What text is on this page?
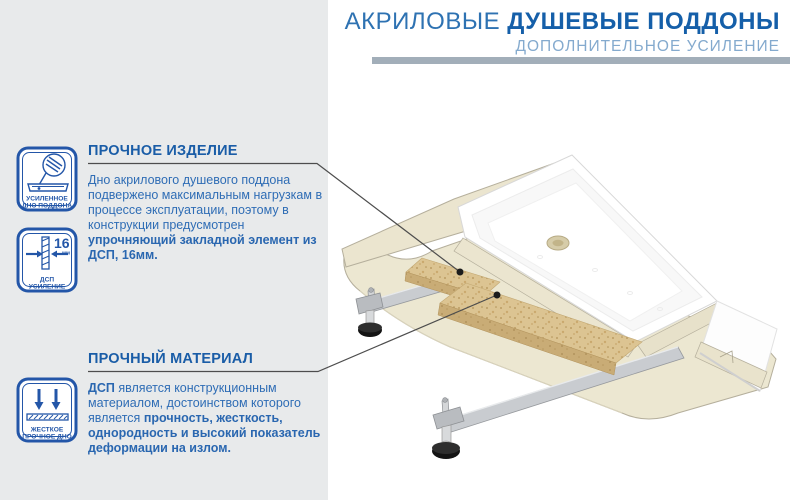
АКРИЛОВЫЕ ДУШЕВЫЕ ПОДДОНЫ
ДОПОЛНИТЕЛЬНОЕ УСИЛЕНИЕ
УСИЛЕННОЕ
ДНО ПОДДОНА
16
мм
ДСП
УСИЛЕНИЕ
ЖЕСТКОЕ
ПРОЧНОЕ ДНО
ПРОЧНОЕ ИЗДЕЛИЕ
Дно акрилового душевого поддона подвержено максимальным нагрузкам в процессе эксплуатации, поэтому в конструкции предусмотрен упрочняющий закладной элемент из ДСП, 16мм.
ПРОЧНЫЙ МАТЕРИАЛ
ДСП является конструкционным материалом, достоинством которого является прочность, жесткость, однородность и высокий показатель деформации на излом.
